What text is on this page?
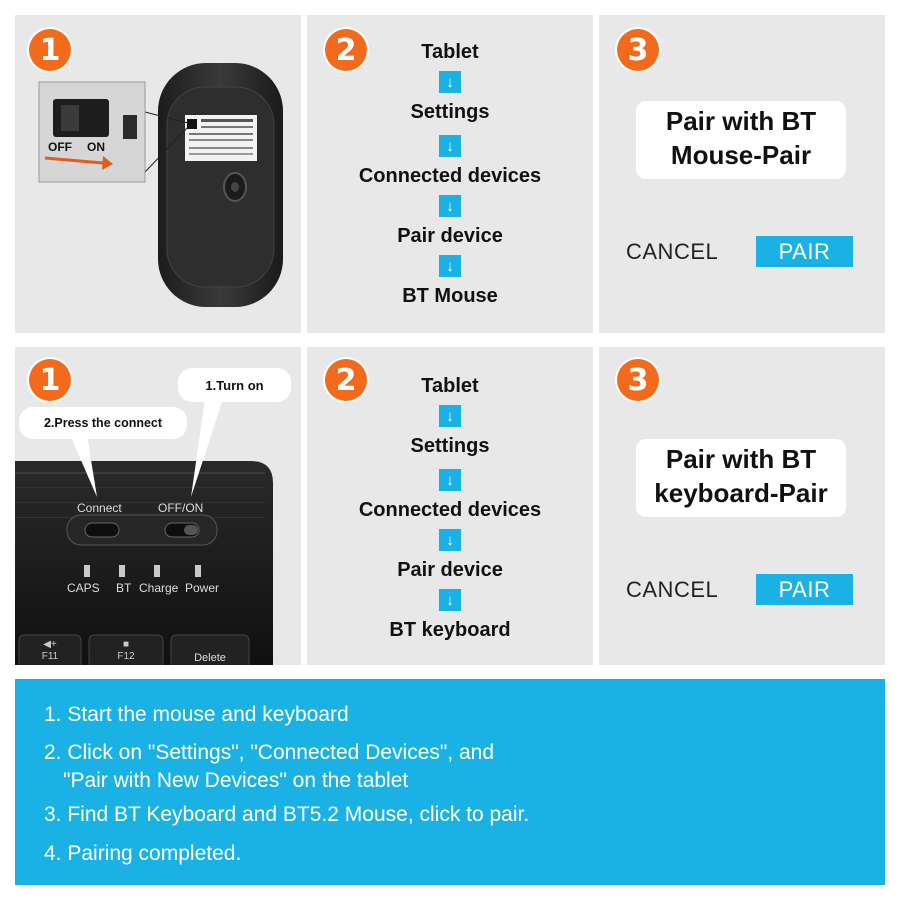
1
OFF ON
2	Tablet
↓
Settings
↓
Connected devices
↓
Pair device
↓
BT Mouse
3
Pair with BT
Mouse-Pair
CANCEL	PAIR
1	1.Turn on
2.Press the connect
Connect	OFF/ON
CAPS BT Charge Power
◀+
F11
■
F12	Delete
2	Tablet
↓
Settings
↓
Connected devices
↓
Pair device
↓
BT keyboard
3
Pair with BT
keyboard-Pair
CANCEL	PAIR
1. Start the mouse and keyboard
2. Click on "Settings", "Connected Devices", and
"Pair with New Devices" on the tablet
3. Find BT Keyboard and BT5.2 Mouse, click to pair.
4. Pairing completed.
